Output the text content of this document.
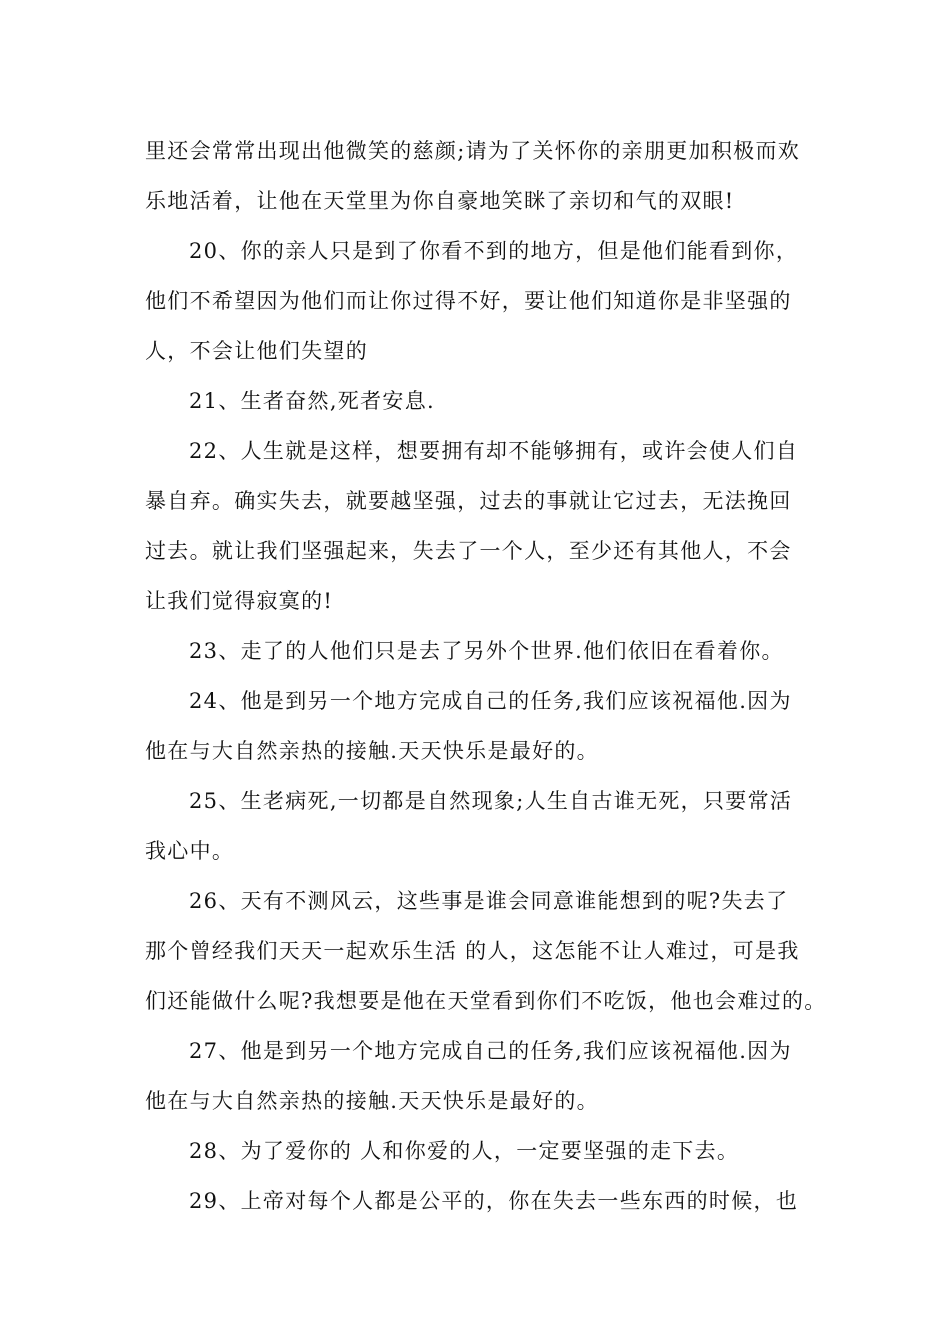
里还会常常出现出他微笑的慈颜;请为了关怀你的亲朋更加积极而欢
乐地活着，让他在天堂里为你自豪地笑眯了亲切和气的双眼!
20、你的亲人只是到了你看不到的地方，但是他们能看到你，
他们不希望因为他们而让你过得不好，要让他们知道你是非坚强的
人，不会让他们失望的
21、生者奋然,死者安息.
22、人生就是这样，想要拥有却不能够拥有，或许会使人们自
暴自弃。确实失去，就要越坚强，过去的事就让它过去，无法挽回
过去。就让我们坚强起来，失去了一个人，至少还有其他人，不会
让我们觉得寂寞的!
23、走了的人他们只是去了另外个世界.他们依旧在看着你。
24、他是到另一个地方完成自己的任务,我们应该祝福他.因为
他在与大自然亲热的接触.天天快乐是最好的。
25、生老病死,一切都是自然现象;人生自古谁无死，只要常活
我心中。
26、天有不测风云，这些事是谁会同意谁能想到的呢?失去了
那个曾经我们天天一起欢乐生活 的人，这怎能不让人难过，可是我
们还能做什么呢?我想要是他在天堂看到你们不吃饭，他也会难过的。
27、他是到另一个地方完成自己的任务,我们应该祝福他.因为
他在与大自然亲热的接触.天天快乐是最好的。
28、为了爱你的 人和你爱的人，一定要坚强的走下去。
29、上帝对每个人都是公平的，你在失去一些东西的时候，也
